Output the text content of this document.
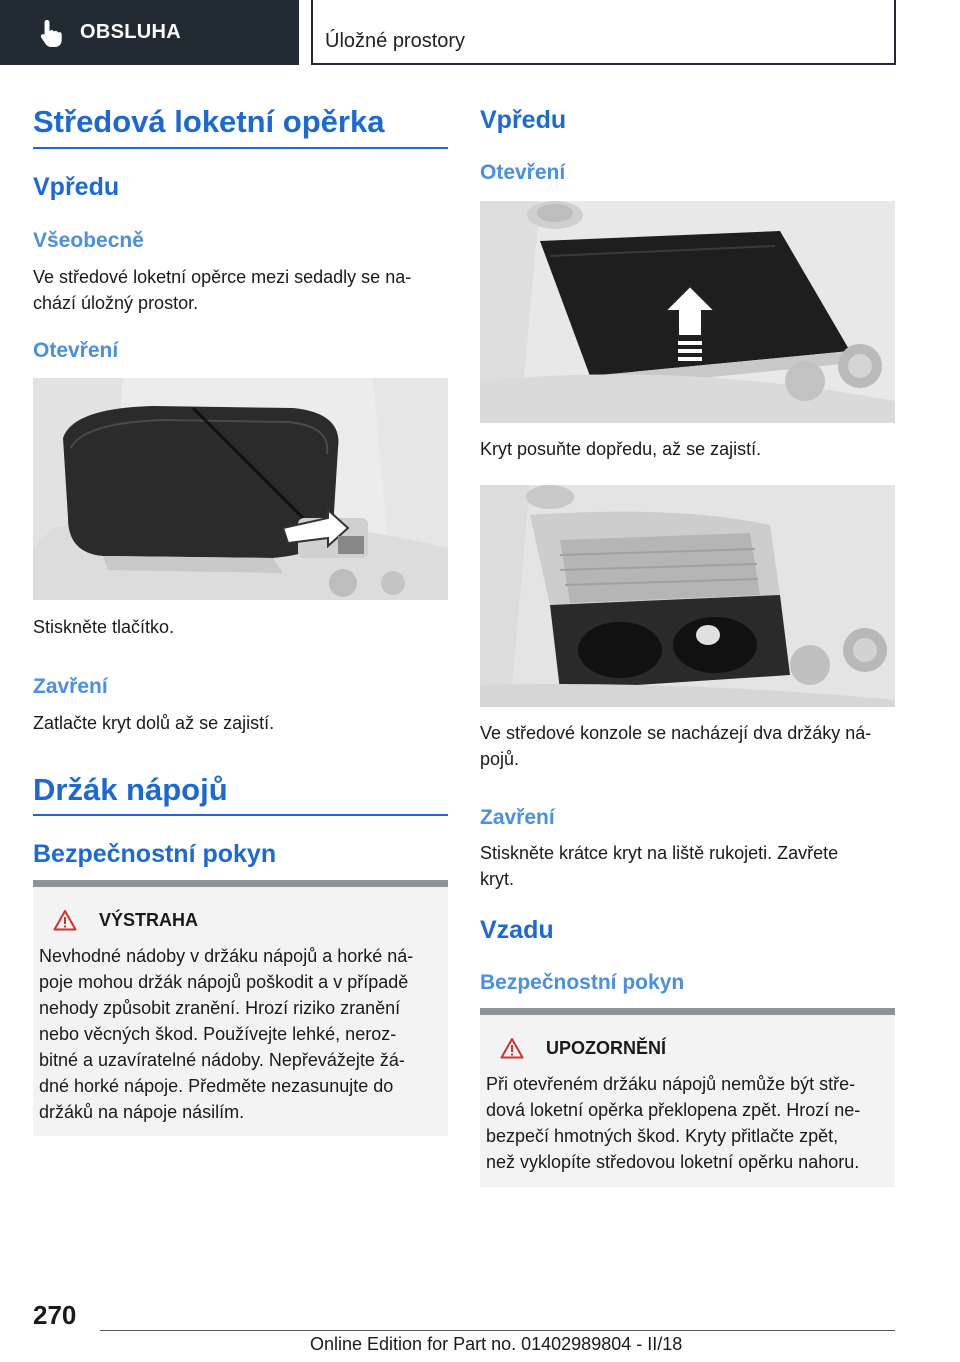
OBSLUHA	Úložné prostory
Středová loketní opěrka
Vpředu
Všeobecně
Ve středové loketní opěrce mezi sedadly se na-
chází úložný prostor.
Otevření
Stiskněte tlačítko.
Zavření
Zatlačte kryt dolů až se zajistí.
Držák nápojů
Bezpečnostní pokyn
VÝSTRAHA
Nevhodné nádoby v držáku nápojů a horké ná-
poje mohou držák nápojů poškodit a v případě
nehody způsobit zranění. Hrozí riziko zranění
nebo věcných škod. Používejte lehké, neroz-
bitné a uzavíratelné nádoby. Nepřevážejte žá-
dné horké nápoje. Předměte nezasunujte do
držáků na nápoje násilím.
Vpředu
Otevření
Kryt posuňte dopředu, až se zajistí.
Ve středové konzole se nacházejí dva držáky ná-
pojů.
Zavření
Stiskněte krátce kryt na liště rukojeti. Zavřete
kryt.
Vzadu
Bezpečnostní pokyn
UPOZORNĚNÍ
Při otevřeném držáku nápojů nemůže být stře-
dová loketní opěrka překlopena zpět. Hrozí ne-
bezpečí hmotných škod. Kryty přitlačte zpět,
než vyklopíte středovou loketní opěrku nahoru.
270
Online Edition for Part no. 01402989804 - II/18
